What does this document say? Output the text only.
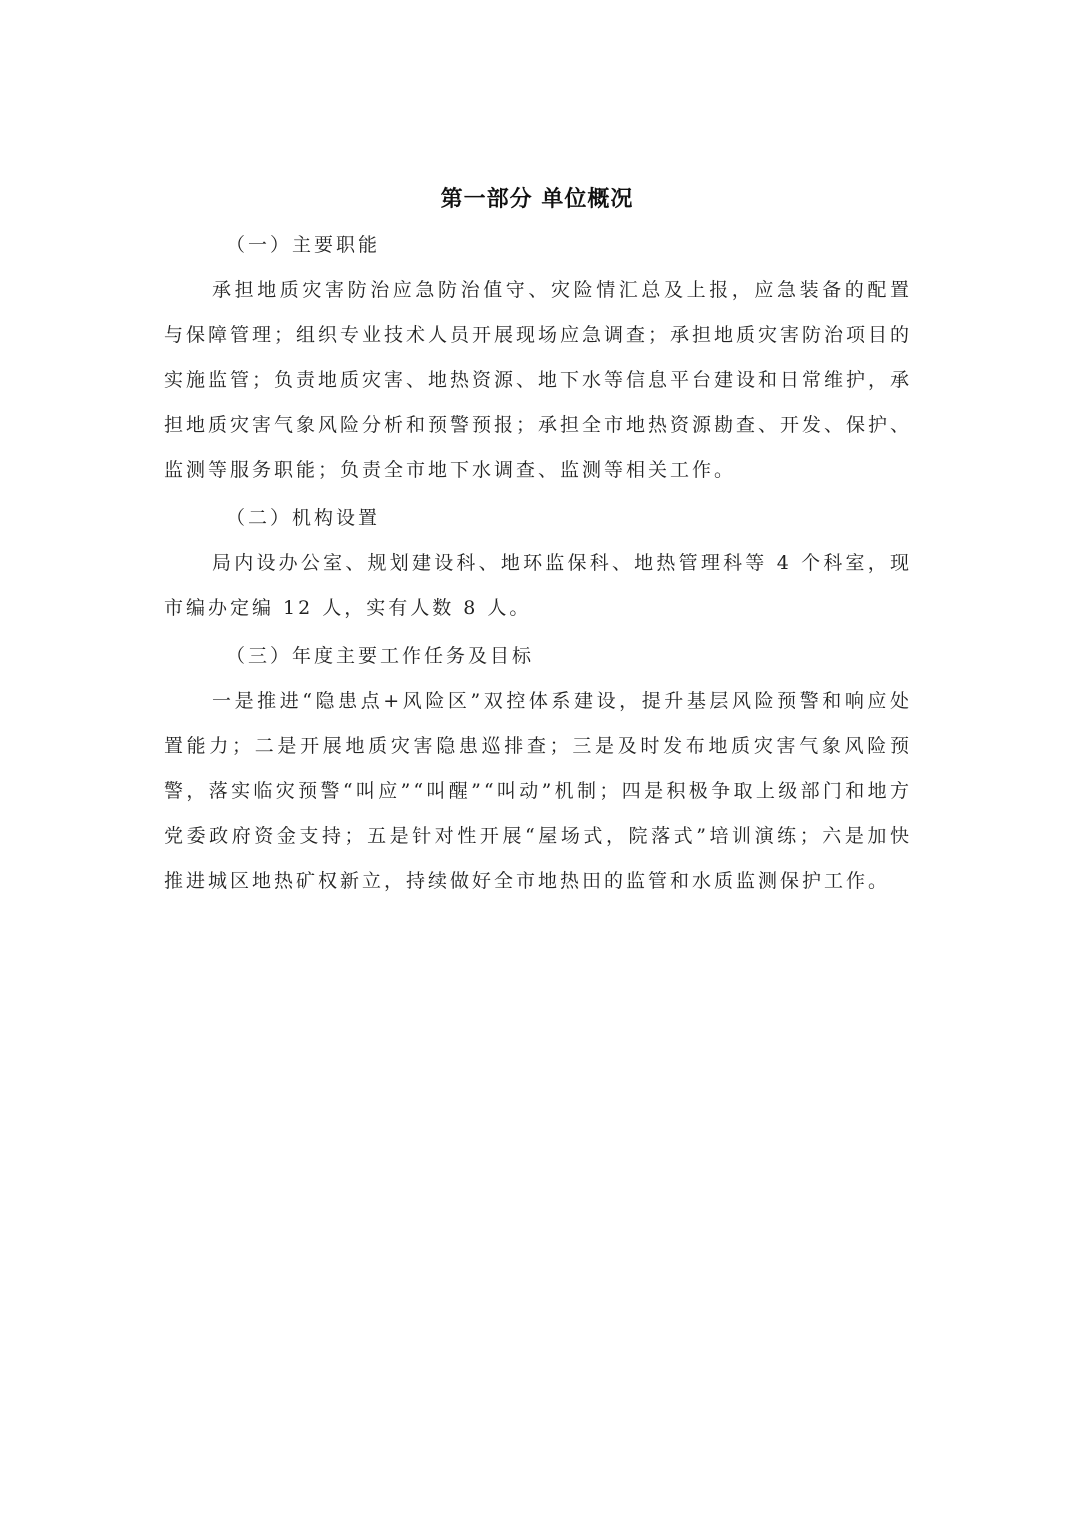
第一部分 单位概况

（一）主要职能

承担地质灾害防治应急防治值守、灾险情汇总及上报，应急装备的配置与保障管理；组织专业技术人员开展现场应急调查；承担地质灾害防治项目的实施监管；负责地质灾害、地热资源、地下水等信息平台建设和日常维护，承担地质灾害气象风险分析和预警预报；承担全市地热资源勘查、开发、保护、监测等服务职能；负责全市地下水调查、监测等相关工作。

（二）机构设置

局内设办公室、规划建设科、地环监保科、地热管理科等 4 个科室，现市编办定编 12 人，实有人数 8 人。

（三）年度主要工作任务及目标

一是推进“隐患点+风险区”双控体系建设，提升基层风险预警和响应处置能力；二是开展地质灾害隐患巡排查；三是及时发布地质灾害气象风险预警，落实临灾预警“叫应”“叫醒”“叫动”机制；四是积极争取上级部门和地方党委政府资金支持；五是针对性开展“屋场式，院落式”培训演练；六是加快推进城区地热矿权新立，持续做好全市地热田的监管和水质监测保护工作。
